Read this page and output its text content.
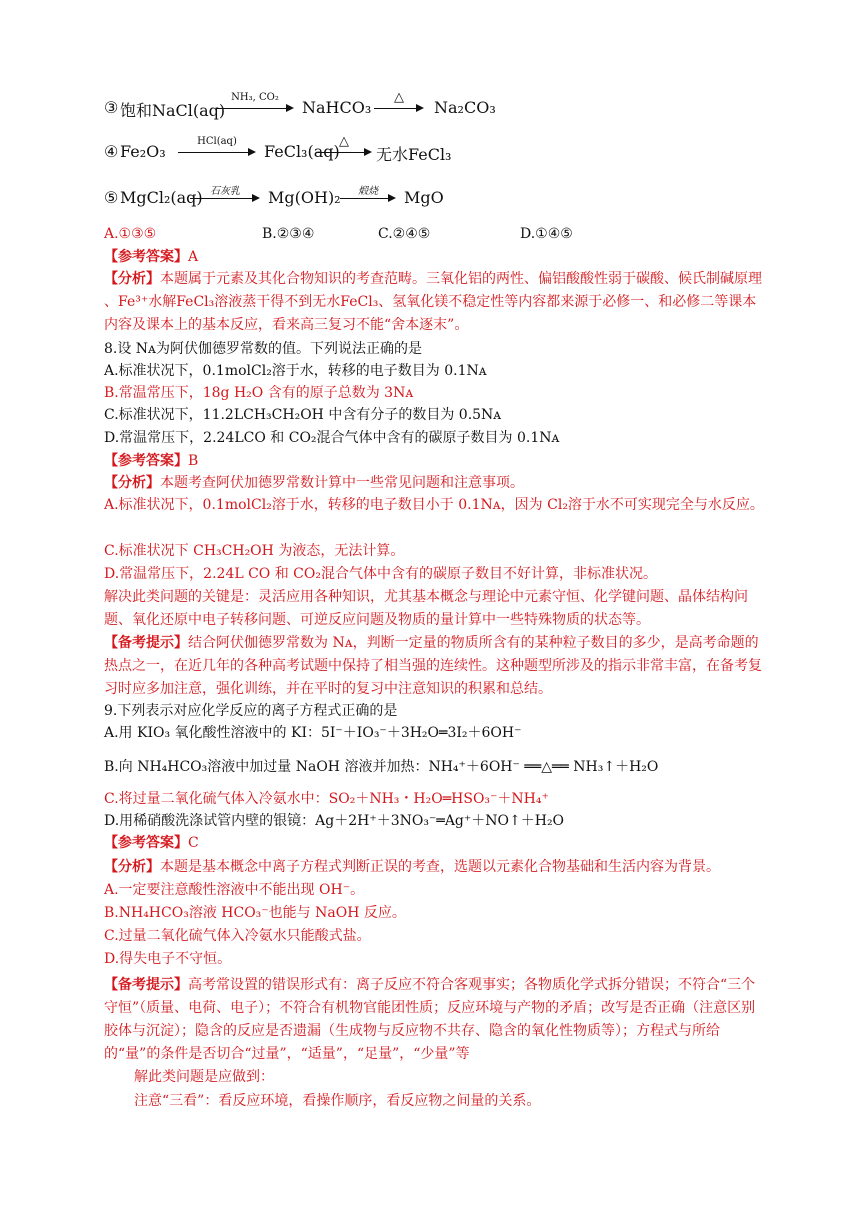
③ 饱和NaCl(aq)
NH₃, CO₂
NaHCO₃
△
Na₂CO₃
④ Fe₂O₃
HCl(aq)
FeCl₃(aq)
△
无水FeCl₃
⑤ MgCl₂(aq) 石灰乳	Mg(OH)₂	煅烧	MgO
A.①③⑤	B.②③④	C.②④⑤	D.①④⑤
【参考答案】A
【分析】本题属于元素及其化合物知识的考查范畴。三氧化铝的两性、偏铝酸酸性弱于碳酸、候氏制碱原理 、Fe³⁺水解FeCl₃溶液蒸干得不到无水FeCl₃、氢氧化镁不稳定性等内容都来源于必修一、和必修二等课本内容及课本上的基本反应，看来高三复习不能“舍本逐末”。
8.设 Nᴀ为阿伏伽德罗常数的值。下列说法正确的是
A.标准状况下，0.1molCl₂溶于水，转移的电子数目为 0.1Nᴀ
B.常温常压下，18g H₂O 含有的原子总数为 3Nᴀ
C.标准状况下，11.2LCH₃CH₂OH 中含有分子的数目为 0.5Nᴀ
D.常温常压下，2.24LCO 和 CO₂混合气体中含有的碳原子数目为 0.1Nᴀ
【参考答案】B
【分析】本题考查阿伏加德罗常数计算中一些常见问题和注意事项。
A.标准状况下，0.1molCl₂溶于水，转移的电子数目小于 0.1Nᴀ，因为 Cl₂溶于水不可实现完全与水反应。
C.标准状况下 CH₃CH₂OH 为液态，无法计算。
D.常温常压下，2.24L CO 和 CO₂混合气体中含有的碳原子数目不好计算，非标准状况。
解决此类问题的关键是：灵活应用各种知识，尤其基本概念与理论中元素守恒、化学键问题、晶体结构问题、氧化还原中电子转移问题、可逆反应问题及物质的量计算中一些特殊物质的状态等。
【备考提示】结合阿伏伽德罗常数为 Nᴀ，判断一定量的物质所含有的某种粒子数目的多少，是高考命题的热点之一，在近几年的各种高考试题中保持了相当强的连续性。这种题型所涉及的指示非常丰富，在备考复习时应多加注意，强化训练，并在平时的复习中注意知识的积累和总结。
9.下列表示对应化学反应的离子方程式正确的是
A.用 KIO₃ 氧化酸性溶液中的 KI：5I⁻＋IO₃⁻＋3H₂O═3I₂＋6OH⁻
B.向 NH₄HCO₃溶液中加过量 NaOH 溶液并加热：NH₄⁺＋6OH⁻ ══△══ NH₃↑＋H₂O
C.将过量二氧化硫气体入冷氨水中：SO₂＋NH₃・H₂O═HSO₃⁻＋NH₄⁺
D.用稀硝酸洗涤试管内壁的银镜：Ag＋2H⁺＋3NO₃⁻═Ag⁺＋NO↑＋H₂O
【参考答案】C
【分析】本题是基本概念中离子方程式判断正误的考查，选题以元素化合物基础和生活内容为背景。
A.一定要注意酸性溶液中不能出现 OH⁻。
B.NH₄HCO₃溶液 HCO₃⁻也能与 NaOH 反应。
C.过量二氧化硫气体入冷氨水只能酸式盐。
D.得失电子不守恒。
【备考提示】高考常设置的错误形式有：离子反应不符合客观事实；各物质化学式拆分错误；不符合“三个守恒”（质量、电荷、电子）；不符合有机物官能团性质；反应环境与产物的矛盾；改写是否正确（注意区别胶体与沉淀）；隐含的反应是否遗漏（生成物与反应物不共存、隐含的氧化性物质等）；方程式与所给的“量”的条件是否切合“过量”，“适量”，“足量”，“少量”等
解此类问题是应做到：
注意“三看”：看反应环境，看操作顺序，看反应物之间量的关系。
